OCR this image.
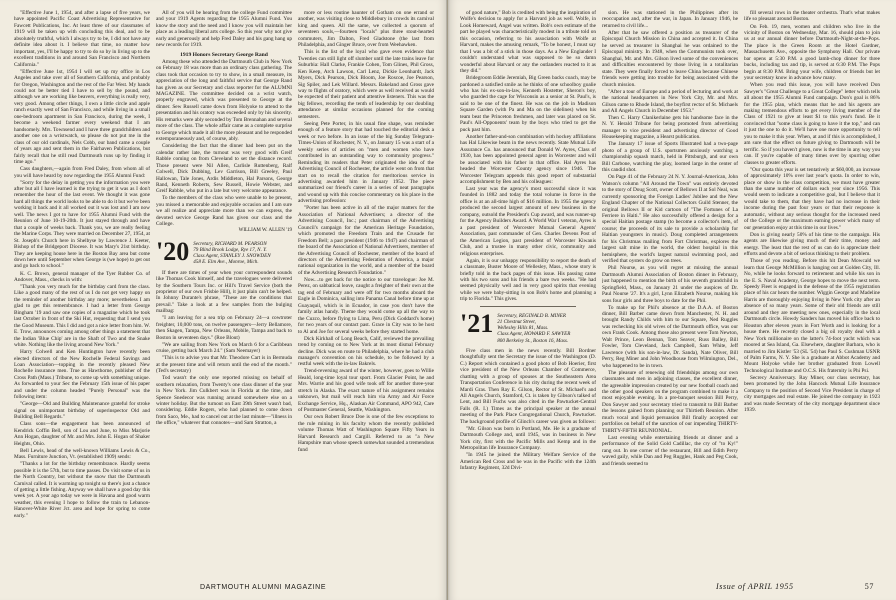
"Effective June 1, 1954, and after a lapse of five years, we have appointed Pacific Coast Advertising Representative for Fawcett Publications, Inc. At least three of our classmates of 1919 will be taken up with concluding this deal, and to be absolutely truthful, which I always try to be, I did not have any definite idea about it. I believe that time, no matter how important, yes, I'll be happy to try to do so by in living up to the excellent traditions in and around San Francisco and Northern California."

"Effective June 1st, 1954 I will set up my office in Los Angeles and take over all of Southern California, and probably for Oregon, Washington and the rest of the Far West. My hands could not be better tied I have to sell by the pound, and although we are working like beavers, everything is really very, very good. Among other things, I own a little circle and apple ranch exactly west of San Francisco, and while living in a small one-bedroom apartment in San Francisco, during the week, I become a weekend farmer every weekend that I am handsomely. Mrs. Townsend and I have three grandchildren and another one on a wristwatch, so please do not put me in the class of our old cardinals, Nels Cobb, our band came a couple of years ago and sent them in the Fairhaven Publications, but fairly recall that he still read Dartmouth runs up by finding it time ago."

Cass daughters,—again from Fred Daley, from whom all of you will have heard by now regarding the 1955 Alumni Fund:

"Sorry for the delay in getting you the information you were after but all I have learned is the trying to get it was as I don't remember the hour of the last event. We thought it was gone hard all things the world looks to be able to do it but we've been working it back and it all worked out it was lost and I am now well. The news I got to have for 1955 Alumni Fund with the Reunion of June 10-19-20th. It just stayed through and have that a couple of weeks back. Thank you, we are really feeling the Marine Corps. They were married on December 27, 1954, at St. Joseph's Church here in Shelbyse by Lawrence J. Keeter, Bishop of the Bridgeport Diocese. It was Mary's 21st birthday. They are keeping house here in the Boston Bay area but come down here until September when George is (we hope) to get out and go back to school."

K. C. Brown, general manager of the Tyer Rubber Co. of Andover, Mass., checks in with:

"Thank you very much for the birthday card from the class. Like a good many of the rest of us I do not get very happy on the reminder of another birthday any more; nevertheless I am glad to get this remembrance. I had a letter from George Bingham '19 and saw one copies of a magazine which he took last October in front of the Ski Hut, requesting that I send you the Good Museum. This I did and got a nice letter from him. W. E. Trow, announces coming among other things a statement that the Indian 'Blue Chip' are in the Shaft of Two and the Snake white. Nothing like the living around New York."

Harry Colwell and Ken Huntington have recently been elected directors of the New Rochelle Federal Savings and Loan Association—topping in the recently pleased New Rochelle insurance men. True as Hawthorne, publisher of the Cross Path (Mass.) Tribune, to come up with something unique. As forwarded to your Sec the February 15th issue of his paper and under the column headed "Purely Personal" was the following item:

"George—Old and Building Maintenance grateful for stroke signal on unimportant birthday of superinspector Old and Building Bell Regards."

Class sons—the engagement has been announced of Kendrick Coffin Bell, son of Lou and June, to Miss Marjorie Ann Hogan, daughter of Mr. and Mrs. John E. Hogan of Shaker Heights, Ohio.

Bell Lewis, head of the well-known Williams Lewis & Co., Mass. Furniture Junction, Vt. (established 1909) sends:

"Thanks a lot for the birthday remembrance. Hardly seems possible it is the 57th, but to time passes. Do visit some of us in the North Country, but without the snow that the Dartmouth Carnival called. It is warming up tonight so there's just a chance of getting a little fishing. Anyway we shall have a good day this week yet. A year ago today we were in Havana and good warm weather, this evening I hope to follow the train to Lebanon-Hanover-White River Jct. area and hope for spring to come early."

All of you will be hearing from the college Fund committee and your 1919 Agents regarding the 1955 Alumni Fund. You know the story and the need and I know you will maintain her place as a leading liberal arts college. So this year why not give early and generously and help Fred Daley and his gang hang up new records for 1919.

1919 Honors Secretary George Rand

Among these who attended the Dartmouth Club in New York on February 18 was more than an ordinary class gathering. The class took that occasion to try to show, in a small measure, its appreciation of the long and faithful service that George Rand has given as our Secretary and class reporter for the ALUMNI MAGAZINE. The committee decided on a wrist watch, properly engraved, which was presented to George at the dinner. Sew Russell came down from Holyoke to attend to the presentation and his oratory was exceeded only by his sincerity. His remarks were ably seconded by Tom Brennahan and several more of the class. The whole affair came as a complete surprise to George which made it all the more pleasant and he responded extemporaneously and, of course, ably.

Considering the fact that the dinner had been put on the calendar rather late, the turnout was very good with Greif Rabble coming on from Cleveland to set the distance record. Those present were Nil Allen, Carlisle Ruttenberg, Ralf Colwell, Dick Dubbing, Lev Garrison, Bill Greeley, Paul Hallowan, Tale Jones, Ardis Middleton, Hal Parsons, George Rand, Kenneth Roberts, Sew Russell, Howie Webster, and Greif Rabble, who put in a late but very welcome appearance.

To the members of the class who were unable to be present, you missed a memorable and enjoyable occasion and I am sure we all realize and appreciate more than we can express, the devoted service George Rand has given our class and the College.

WILLIAM W. ALLEN '19

'20 Secretary, RICHARD M. PEARSON
79 Blind Brook Lodge, Rye 17, N. Y.
Class Agent, STANLEY J. SNOWDEN
458 E. Elm Ave., Monroe, Mich.

If there are times of year when your correspondent sounds like Thomas Cook himself, and the travelogues were delivered by the Southern Tours Inc. or Hill's Travel Service (both the proprietor of our own Frisbie Hill), it just plain can't be helped. In Johnny Durante's phrase, "These are the conditions that prevail." Take a look at a few samples from the bulging mailbag:

"I am leaving for a sea trip on February 24—a cowtroter freighter, 10,000 tons, on twelve passengers—Jerry Bellamore, then Skagen, Tampa, New Orleans, Mobile, Tampa and back to Boston in seventeen days." (Roe Blout)

"We are sailing from New York on March 6 for a Caribbean cruise, getting back March 24." (Sam Neemayer)

"This is to advise you that Mr. Theodore Cart is in Bermuda at the present time and will return until the end of the month." (Ted's secretary)

Tod wasn't the only one reported missing on behalf of southern relaxation, from Twenty's one class dinner of the year in New York. Jim Culkbert was in Florida at the time, and Spence Snedecor was running around somewhere else on a winter holiday. But the turnout on East 39th Street wasn't bad, considering. Eddie Rogers, who had planned to come down from Saco, Me., had to cancel out at the last minute—"illness in the office," whatever that connotes—and Sam Stratton, a

more or less routine haunter of Gotham on one errand or another, was visiting close to Middlebury in crowds its carnival king and queen. All the same, we collected a quorum of seventeen souls,—fourteen "locals" plus three stout-hearted commuters, Jim Dalton, Fred Gladstone (the last from Philadelphia, and Ginger Bruce, over from Weehawken.

This is the list of the loyal who gave even evidence that Twenties can still light off slumber until the late trains leave for Suburbia: Hall Clarke, Frankie Cohen, Tom Glines, Phil Gross, Ken Keep, Arch Lawson, Carl Lenz, Dickie Leonhardt, Jack Myers, Dick Pearson, Dick Bloom, Joe Roscoe, Joe Pearson, Sig Spiler, and Lek Willard. Messrs. Bakeland and Gross gave way to flights of oratory, which were as well received as would be expected of their patient and attentive listeners. This was the big fellows, recording the tenth of leadership by our doubling attendance at similar occasions planned for the coming semesters.

Seeing Pete Porter, in his usual fine shape, was reminder enough of a feature story that had touched the editorial desk a week or two before. In an issue of the big Sunday Telegram-Times-Union of Rochester, N. Y., on January 15 was a start of a weekly series of articles on "men and women who have contributed in an outstanding way to community progress." Reminding its readers that Peter originated the idea of the Advertising Council of Rochester, the article went on from that start on to recall the citation for meritorious service in advertising awarded him in January 1952. The piece summarized our friend's career in a series of neat paragraphs and wound up with this concise commentary on his place in the advertising profession:

"Porter has been active in all of the major matters for the Association of National Advertisers; a director of the Advertising Council, Inc.; past chairman of the Advertising Council's campaign for the American Heritage Foundation, which promoted the Freedom Train and the Crusade for Freedom Bell; a past president (1946 to 1947) and chairman of the board of the Association of National Advertisers, member of the Advertising Council of Rochester, member of the board of directors of the Advertising Federation of America, a major national organization in the world, and a member of the board of the Advertising Research Foundation."

Now....to get back for the notice to our travelogue: Joe M. Perez, on sabbatical leave, caught a freighter of their own at the tag end of February and were off for two months aboard the Eagle in Dominica, sailing into Panama Canal before time up at Guayaquil, which is in Ecuador, in case you don't have the family atlas handy. Theme they would come up all the way to the Cuzco, before flying to Lima, Peru (Dick Goddard's home) for two years of our contact past. Grace in City was to be host to Al and Joe for several weeks before they started home.

Dick Kirkhall of Long Beach, Calif, reviewed the prevailing trend by coming on to New York at its most dismal February decline. Dick was en route to Philadelphia, where he had a club manager's convention on his schedule, to be followed by a restful week with the in-law Bakrels.

Trend-reversing award of the winter, however, goes to Willie Heald, long-time loyal tour sport. From Glacier Point, he and Mrs. Warrie and his good wife took off for another three-year stretch in Alaska. The exact nature of his assignment remains unknown, but mail will reach him via Army and Air Force Exchange Service, Hq., Alaskan Air Command, APO 942, Care of Postmaster General, Seattle, Washington.

Our own Robert Bruce Doe is one of the few exceptions to the rule mining in his faculty whom the recently published volume Thomas Watt of Washington Square Fifty Years in Harvard Research and Cargill. Referred to as "a New Hampshire man whose speech somewhat sounded a tremendous fund

DARTMOUTH ALUMNI MAGAZINE

of good nature," Bob is credited with being the inspiration of Wolfe's decision to apply for a Harvard job as well. Wolfe, in Look Homeward, Angel was written. Bob's own estimate of the part he played was characteristically modest in a tribute told on this occasion, referring to his association with Wolfe at Harvard, makes the amusing remark, "To be honest, I must say that I was a bit of a stick in those days. As a New Englander I couldn't understand what was supposed to be so damn wonderful about Harvard or any the outlanders reacted to it as they did."

Bridegroom Eddie Jeremiah, Big Green backs coach, may be pardoned a satisfied smile as he thinks of one schoolboy goalie who has his ex-son-in-law, Kenneth Hostetter, Sheron's boy, who guarded the cage for Wisconsin as a senior at St. Paul's, is said to be one of the finest. He was on the job in Madison Square Garden (with Pa and Ma on the sidelines) when his team beat the Princeton freshmen, and later was placed on St. Paul's All-Opponents' team by the boys who tried to get the puck past him.

Another father-and-son combination with hockey affiliations has Hal Likewise beam in the news recently. State Mutual Life Assurance Co. has announced that Donald W. Ayres, Class of 1930, has been appointed general agent in Worcester and will be associated with his father in that office. Hal Ayres has headed the Worcester County agency since 1946. The Worcester Telegram appends this good report of substantial accomplishment by Ben and his colleagues:

Last year was the agency's most successful since it was founded in 1882 and today the total volume in force in the office is at an all-time high of $16 million. In 1955 the agency produced the second largest amount of new business in the company, outsold the President's Cup award, and was runner-up for the Agency Builders Award. A World War I veteran, Ayres is a past president of Worcester Mutual General Agents' Association, past commander of Gen. Charles Devens Post of the American Legion, past president of Worcester Kiwanis Club, and a trustee in many other civic, community and religious enterprises.

Again, it is our unhappy responsibility to report the death of a classmate, Buster Moore of Wellesley, Mass., whose story is briefly told in the back pages of this issue. His passing came with his two sons and his friends a bare two weeks. "He had seemed physically well and in very good spirits that evening while we were baby-sitting in son Bob's home and planning a trip to Florida." This gives.

'21 Secretary, REGINALD B. MINER
21 Chestnut Street,
Wellesley Hills 81, Mass.
Class Agent, HOWARD F. SAWYER
800 Berkeley St., Boston 16, Mass.

Five class men in the news recently. Bill Bordner thoughtfully sent the Secretary the issue of the Washington (D. C.) Report which contained a good photo of Bob Hoerier, first vice president of the New Orleans Chamber of Commerce, chatting with a group of spouses at the Southeastern Area Transportation Conference in his city during the recent week of Mardi Gras. Then Ray E. Gilson, Rector of St. Michael's and All Angels Church, Stamford, Ct. is taken by Gibson's talked of Lent, and Bill Fuchs was also cited in the Pawtucket-Central Falls (R. I.) Times as the principal speaker at the annual meeting of the Park Place Congregational Church, Pawtucket. The background profile of Glinch's career was given as follows:

"Mr. Gilson was born in Portland, Me. He is a graduate of Dartmouth College and, until 1945, was in business in New York city, first with the Pacific Mills and Kemp and in the Metropolitan life Insurance Company.

"In 1945 he joined the Military Welfare Service of the American Red Cross and he was in the Pacific with the 124th Infantry Regiment, 32d Divi-

sion. He was stationed in the Philippines after its reoccupation and, after the war, in Japan. In January 1946, he returned to civil life...

After that he saw offered a position as treasurer of the Episcopal Church Mission in China and accepted it. In China he served as treasurer in Shanghai he was ordained to the Episcopal ministry. In 1948, when the Communists took over, Shanghai, Mr. and Mrs. Gilson lived some of the conveniences and difficulties encountered by those living in a totalitarian state. They were finally forced to leave China because Chinese friends were getting into trouble for being associated with the church mission.

"After a tour of Europe and a period of lecturing and work at the national headquarters in New York City, Mr. and Mrs. Gilson came to Rhode Island, the boyfirst rector of St. Michaels and All Angels Church in December 1953."

Then C. Harry Clanikerlaine gets his handsome face in the N. Y. Herald Tribune for being promoted from advertising manager to vice president and advertising director of Good Housekeeping magazine, a Hearst publication.

The January 17 issue of Sports Illustrated had a two-page photo of a group of U.S. sportsmen anxiously watching a championship squash match, held in Pittsburgh, and our own Bill Carbone, watching the play, loomed large in the center of this candid shot.

On Page 41 of the February 24 N. Y. Journal-American, John Watson's column "All Around the Town" was entirely devoted to the story of Doug Scott, owner of Bellows II at Sol Neal, was currently sponsoring the Foreign Ladies' Jubilee and the New England Chapter of the National Collectors Guild Stenner, the original Bellows II or Kid cartoon of "The Fortunes of La Ferriere in Haiti." He also successfully offered a design for a special Haitian postage stamp (to become a collector's item, of course; the proceeds of its sale to provide a scholarship for Haitian youngsters in music). Doug completed arrangements for his Christmas mailing from Fort Christmas, explores the largest salt mine in the world, the oldest hospital in this hemisphere, the world's largest natural swimming pool, and verified that oysters do grow on trees.

Phil Nourse, as you will regret at missing the annual Dartmouth Alumni Association of Boston dinner in February, just happened to mention the birth of his seventh grandchild in Springfield, Mass., on January 21 under the auspices of Dr. Paul Nourse '27. It's a girl, Lynn Elizabeth Nourse, making his sons four girls and three boys to date for the Phil.

To make up for Phil's absence at the D.A.A. of Boston dinner, Bill Barber came down from Manchester, N. H. and brought Randy Childs with him to our Square, Ned Ruggles was rechecking his old wives of the Dartmouth office, was our own Frank Cook. Among those also present were Tom Newton, Walt Prince, Leon Bennan, Tom Seaver, Russ Balley, Bill Fowler, Tom Cleveland, Jack Campbell, Sam White, Jeff Lawrence (with his son-in-law, Dr. Sanda), Nate Oliver, Bill Perry, Reg Miner and John Woodhouse from Wilmington, Del., who happened to be in town.

The pleasure of renewing old friendships among our own classmates and men in adjoining classes, the excellent dinner, the agreeable impression created by our new football coach and the other good speakers on the program combined to make it a most enjoyable evening. In a pre-banquet session Bill Perry, Don Sawyer and your secretary tried to transmit to Bill Barber the lessons gained from planning our Thirtieth Reunion. After much vocal and liquid persuasion Bill finally accepted our portfolios on behalf of the sanction of our impending THIRTY-THIRTY-FIFTH REUNIONIAL.

Last evening while entertaining friends at dinner and a performance of the Solid Gold Cadillac, the cry of "to Ky!" rang out. In one corner of the restaurant, Bill and Edith Perry waved gaily, while Dan and Peg Ruggles, Hank and Peg Cook, and friends seemed to

fill several rows in the theater orchestra. That's what makes life so pleasant around Boston.

On Feb. 19, men, women and children who live in the vicinity of Boston on Wednesday, Mar. 16, should plan to join us at our annual dinner before Dartmouth-Night-at-the-Pops. The place is the Green Room at the Hotel Gardner, Massachusetts Ave., opposite the Symphony Hall. Our private bar opens at 5:30 P.M. a good lamb-chop dinner for three bucks, including tax and tip, is served at 6:30 P.M. The Pops begin at 8:30 P.M. Bring your wife, children or friends but let your secretary know in advance how many.

When you read this issue, you will have received Don Sawyer's "Great Challenge to a Great College" letter which tells all about the 1955 Alumni Fund campaign. Don's goal is 86% for the 1955 plan, which means that he and his agents are making tremendous efforts to get every living member of the Class of 1921 to give at least $1 to this year's fund. Be it convinced that "some class is going to have it the top," and can it just the one to do it. We'll have one more opportunity to tell you to make it this year. When, at and if this is accomplished, I am sure that the effect on future giving to Dartmouth will be terrific. So if you haven't given, now is the time in any way you can. If you're capable of many times over by spurring other classes to greater efforts.

"Our quota this year is set tentatively at $60,000, an increase of approximately 10% over last year's quota. In order to win, place or show in the class competition, we must have greater than the same number of dollars each year since 1956. This would seem to indicate a competitive goal, but I believe that it would take to them, that they have had no increase in their income during the past four years or that their response is automatic, without any serious thought for the increased need of the College or the maximum earning power which many of our generation enjoy at this time in our lives."

Don is giving nearly 50% of his time to the campaign. His agents are likewise giving much of their time, money and energy. The least that the rest of us can do is appreciate their efforts and devote a bit of serious thinking to their problem.

Those of you reading. Before this hit Dean Mowcald we learn that George McMillion is hanging out at Golden City, Ill. No, while he looks forward to retirement and while his son in the E. S. Naval Academy, George hopes to move the next term. Speedy Fleet is engaged in the defense of the 1955 registration place of his car hears the number. Wiggin George and Madeline Harris are thoroughly enjoying living in New York city after an absence of so many years. Some of their old friends are still around and they are meeting new ones, especially in the local Dartmouth circle. Howdy Sanders has moved his office back to Houston after eleven years in Fort Worth and is looking for a house there. He recently closed a big oil royalty deal with a New York millionaire on the latter's 74-foot yacht which was moored at Sea Island, Ga. Elsewhere, daughter Barbara, who is married to Jim Kistler '53 (SL '54) has Paul S. Cushman USNR of Palm Farms, N. Y. She is a graduate at Abbot Academy and Mount Holyoke while her brother graduated from Lowell Technological Institute and O.C.S. His fraternity is Phi Psi.

Secrecy Anniversary. Ray Miner, our class secretary, has been promoted by the John Hancock Mutual Life Insurance Company to the position of Second Vice President in charge of city mortgages and real estate. He joined the company in 1923 and was made Secretary of the city mortgage department since 1939.

Issue of APRIL 1955	57
